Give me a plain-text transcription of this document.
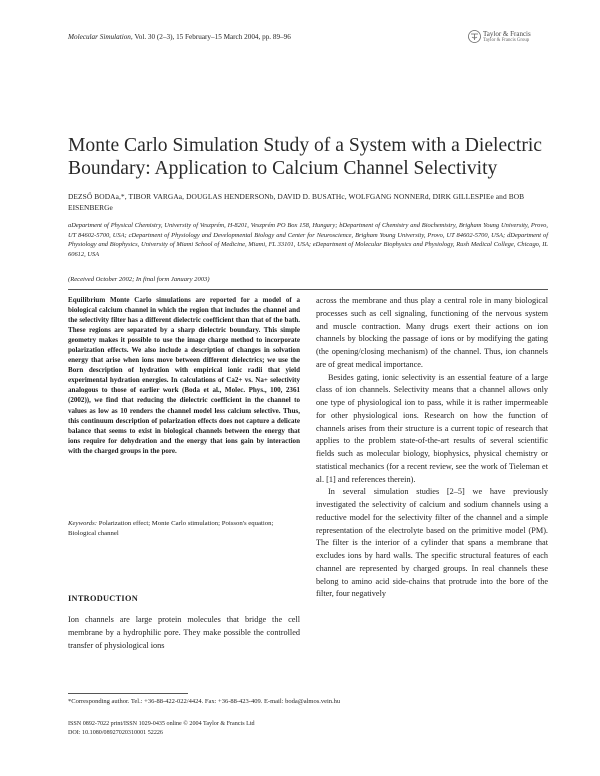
Molecular Simulation, Vol. 30 (2–3), 15 February–15 March 2004, pp. 89–96	Taylor & Francis
Taylor & Francis Group
Monte Carlo Simulation Study of a System with a Dielectric Boundary: Application to Calcium Channel Selectivity
DEZSŐ BODAa,*, TIBOR VARGAa, DOUGLAS HENDERSONb, DAVID D. BUSATHc, WOLFGANG NONNERd, DIRK GILLESPIEe and BOB EISENBERGe
aDepartment of Physical Chemistry, University of Veszprém, H-8201, Veszprém PO Box 158, Hungary; bDepartment of Chemistry and Biochemistry, Brigham Young University, Provo, UT 84602-5700, USA; cDepartment of Physiology and Developmental Biology and Center for Neuroscience, Brigham Young University, Provo, UT 84602-5700, USA; dDepartment of Physiology and Biophysics, University of Miami School of Medicine, Miami, FL 33101, USA; eDepartment of Molecular Biophysics and Physiology, Rush Medical College, Chicago, IL 60612, USA
(Received October 2002; In final form January 2003)

Equilibrium Monte Carlo simulations are reported for a model of a biological calcium channel in which the region that includes the channel and the selectivity filter has a different dielectric coefficient than that of the bath. These regions are separated by a sharp dielectric boundary. This simple geometry makes it possible to use the image charge method to incorporate polarization effects. We also include a description of changes in solvation energy that arise when ions move between different dielectrics; we use the Born description of hydration with empirical ionic radii that yield experimental hydration energies. In calculations of Ca2+ vs. Na+ selectivity analogous to those of earlier work (Boda et al., Molec. Phys., 100, 2361 (2002)), we find that reducing the dielectric coefficient in the channel to values as low as 10 renders the channel model less calcium selective. Thus, this continuum description of polarization effects does not capture a delicate balance that seems to exist in biological channels between the energy that ions require for dehydration and the energy that ions gain by interaction with the charged groups in the pore.

Keywords: Polarization effect; Monte Carlo stimulation; Poisson's equation; Biological channel
INTRODUCTION

Ion channels are large protein molecules that bridge the cell membrane by a hydrophilic pore. They make possible the controlled transfer of physiological ions

across the membrane and thus play a central role in many biological processes such as cell signaling, functioning of the nervous system and muscle contraction. Many drugs exert their actions on ion channels by blocking the passage of ions or by modifying the gating (the opening/closing mechanism) of the channel. Thus, ion channels are of great medical importance.

Besides gating, ionic selectivity is an essential feature of a large class of ion channels. Selectivity means that a channel allows only one type of physiological ion to pass, while it is rather impermeable for other physiological ions. Research on how the function of channels arises from their structure is a current topic of research that applies to the problem state-of-the-art results of several scientific fields such as molecular biology, biophysics, physical chemistry or statistical mechanics (for a recent review, see the work of Tieleman et al. [1] and references therein).

In several simulation studies [2–5] we have previously investigated the selectivity of calcium and sodium channels using a reductive model for the selectivity filter of the channel and a simple representation of the electrolyte based on the primitive model (PM). The filter is the interior of a cylinder that spans a membrane that excludes ions by hard walls. The specific structural features of each channel are represented by charged groups. In real channels these belong to amino acid side-chains that protrude into the bore of the filter, four negatively

*Corresponding author. Tel.: +36-88-422-022/4424. Fax: +36-88-423-409. E-mail: boda@almos.vein.hu
ISSN 0892-7022 print/ISSN 1029-0435 online © 2004 Taylor & Francis Ltd
DOI: 10.1080/08927020310001 52226
